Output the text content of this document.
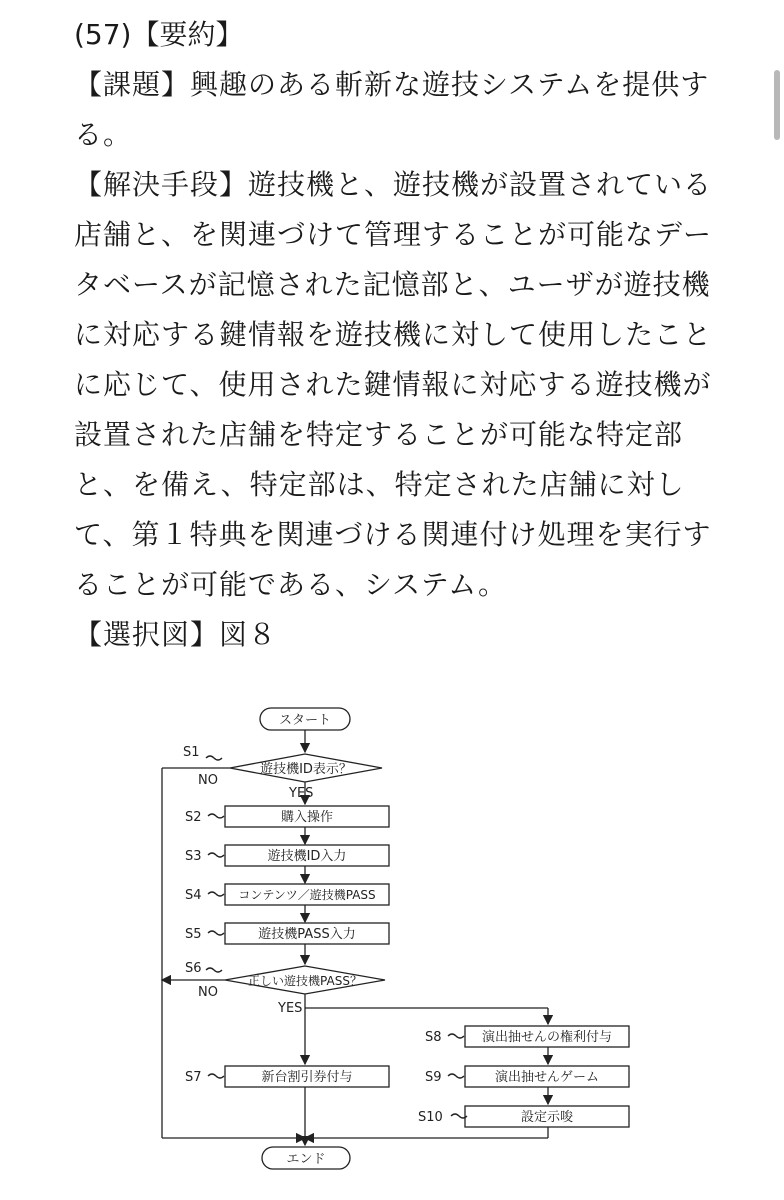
(57)【要約】
【課題】興趣のある斬新な遊技システムを提供す
る。
【解決手段】遊技機と、遊技機が設置されている
店舗と、を関連づけて管理することが可能なデー
タベースが記憶された記憶部と、ユーザが遊技機
に対応する鍵情報を遊技機に対して使用したこと
に応じて、使用された鍵情報に対応する遊技機が
設置された店舗を特定することが可能な特定部
と、を備え、特定部は、特定された店舗に対し
て、第１特典を関連づける関連付け処理を実行す
ることが可能である、システム。
【選択図】図８
スタート
遊技機ID表示？
S1
NO
YES
購入操作
S2
遊技機ID入力
S3
コンテンツ／遊技機PASS
S4
遊技機PASS入力
S5
正しい遊技機PASS？
S6
NO
YES
新台割引券付与
S7
演出抽せんの権利付与
S8
演出抽せんゲーム
S9
設定示唆
S10
エンド
